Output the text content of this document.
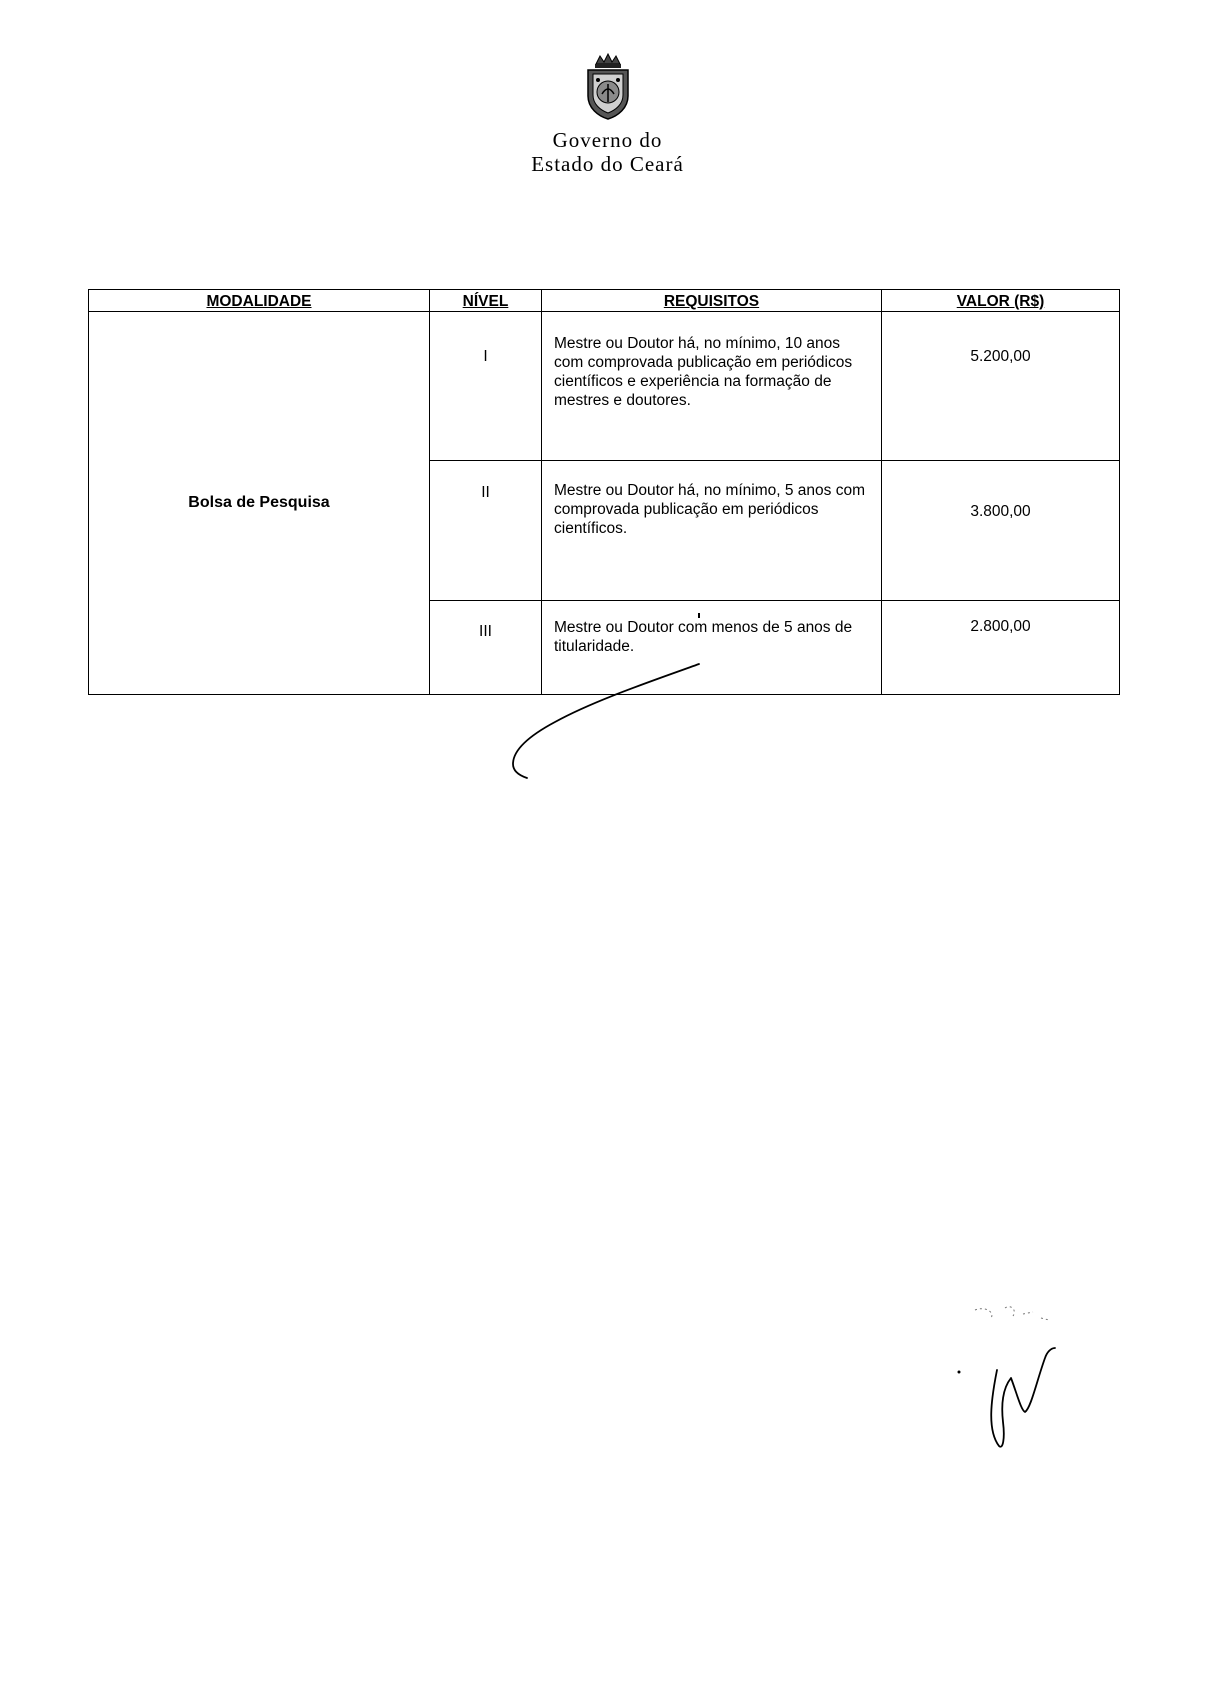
Governo do
Estado do Ceará
MODALIDADE	NÍVEL	REQUISITOS	VALOR (R$)
Bolsa de Pesquisa	I	Mestre ou Doutor há, no mínimo, 10 anos com comprovada publicação em periódicos científicos e experiência na formação de mestres e doutores.	5.200,00
	II	Mestre ou Doutor há, no mínimo, 5 anos com comprovada publicação em periódicos científicos.	3.800,00
	III	Mestre ou Doutor com menos de 5 anos de titularidade.	2.800,00
